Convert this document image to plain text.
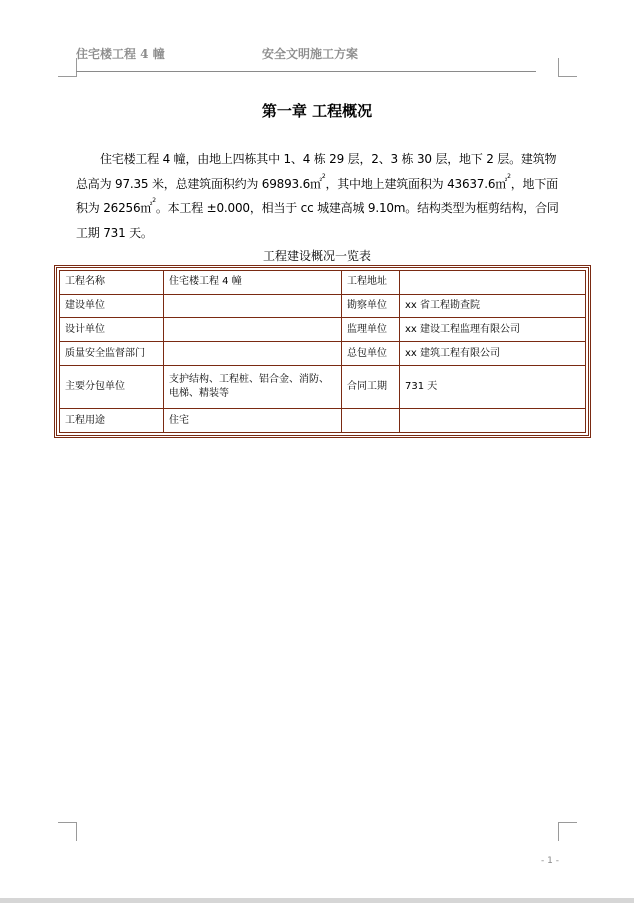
住宅楼工程 4 幢	安全文明施工方案
第一章 工程概况

住宅楼工程 4 幢，由地上四栋其中 1、4 栋 29 层，2、3 栋 30 层，地下 2 层。建筑物总高为 97.35 米，总建筑面积约为 69893.6㎡$^2$，其中地上建筑面积为 43637.6㎡$^2$，地下面积为 26256㎡$^2$。本工程 ±0.000，相当于 cc 城建高城 9.10m。结构类型为框剪结构，合同工期 731 天。

工程建设概况一览表
工程名称	住宅楼工程 4 幢	工程地址	
建设单位		勘察单位	xx 省工程勘查院
设计单位		监理单位	xx 建设工程监理有限公司
质量安全监督部门		总包单位	xx 建筑工程有限公司
主要分包单位	支护结构、工程桩、铝合金、消防、电梯、精装等	合同工期	731 天
工程用途	住宅		
- 1 -
